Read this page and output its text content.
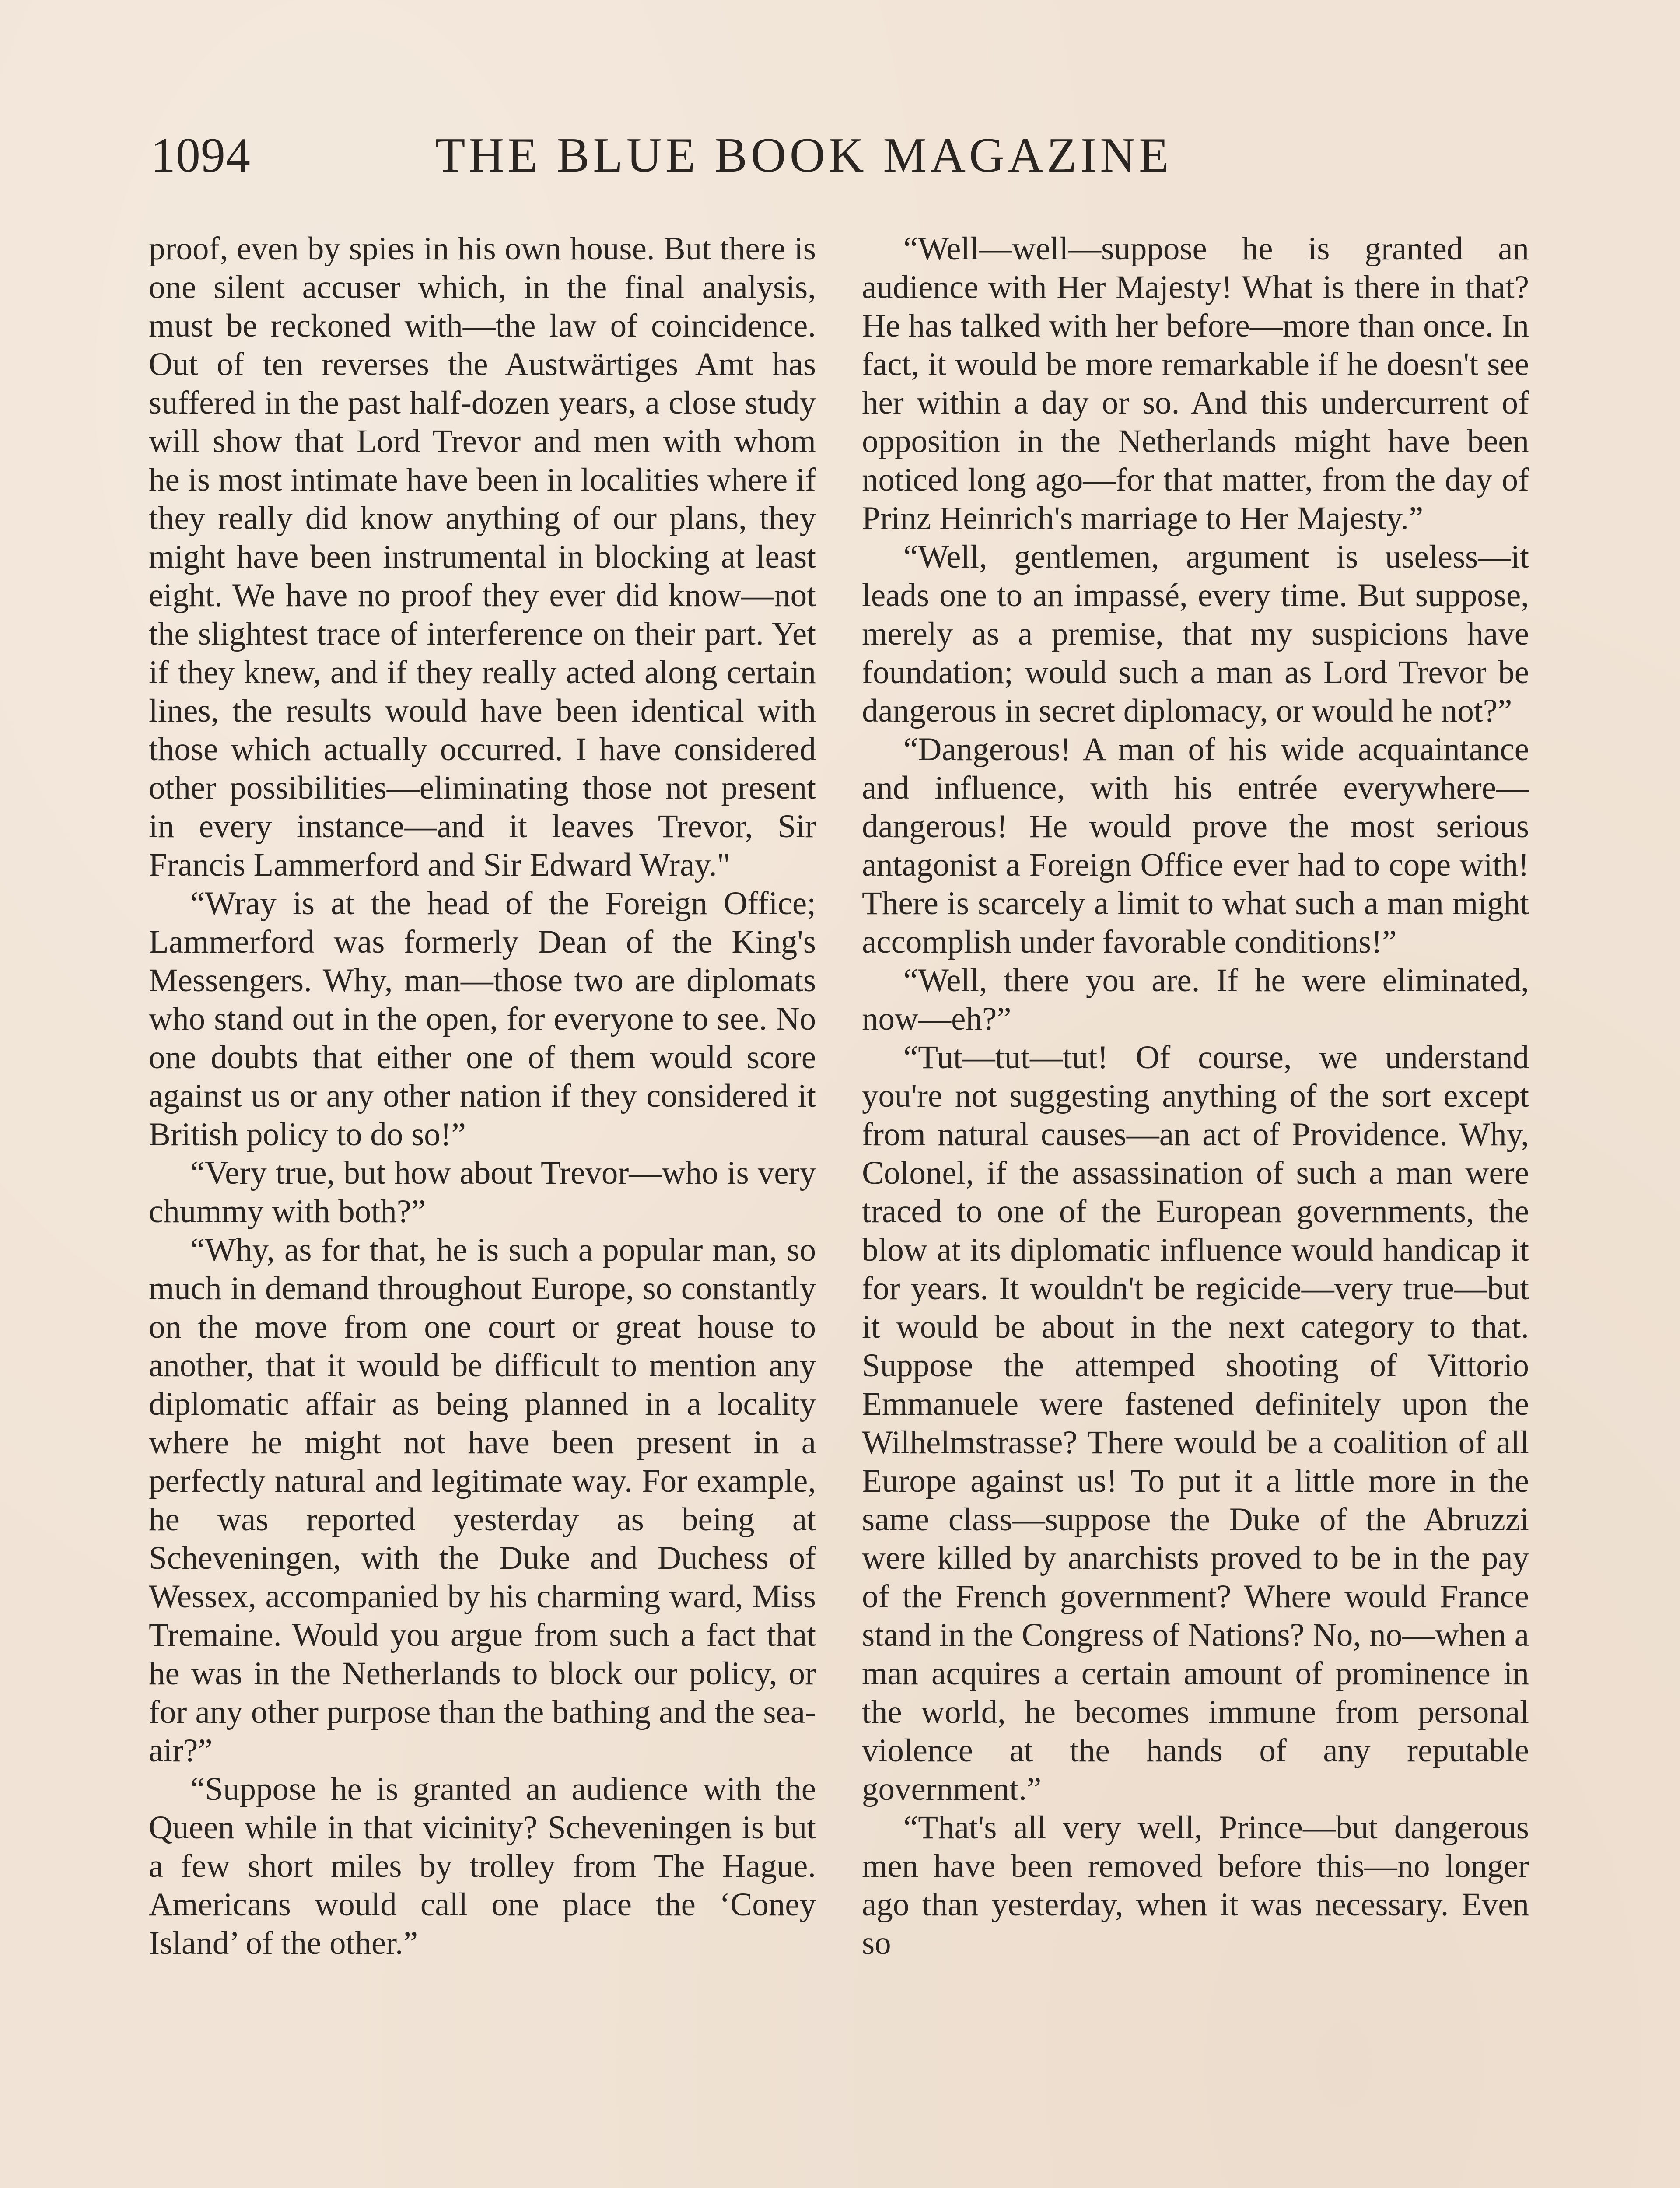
1094	THE BLUE BOOK MAGAZINE

proof, even by spies in his own house. But there is one silent accuser which, in the final analysis, must be reckoned with—the law of coincidence. Out of ten reverses the Austwärtiges Amt has suffered in the past half-dozen years, a close study will show that Lord Trevor and men with whom he is most intimate have been in localities where if they really did know anything of our plans, they might have been instrumental in blocking at least eight. We have no proof they ever did know—not the slightest trace of interference on their part. Yet if they knew, and if they really acted along certain lines, the results would have been identical with those which actually occurred. I have considered other possibilities—eliminating those not present in every instance—and it leaves Trevor, Sir Francis Lammerford and Sir Edward Wray."

“Wray is at the head of the Foreign Office; Lammerford was formerly Dean of the King's Messengers. Why, man—those two are diplomats who stand out in the open, for everyone to see. No one doubts that either one of them would score against us or any other nation if they considered it British policy to do so!”

“Very true, but how about Trevor—who is very chummy with both?”

“Why, as for that, he is such a popular man, so much in demand throughout Europe, so constantly on the move from one court or great house to another, that it would be difficult to mention any diplomatic affair as being planned in a locality where he might not have been present in a perfectly natural and legitimate way. For example, he was reported yesterday as being at Scheveningen, with the Duke and Duchess of Wessex, accompanied by his charming ward, Miss Tremaine. Would you argue from such a fact that he was in the Netherlands to block our policy, or for any other purpose than the bathing and the sea-air?”

“Suppose he is granted an audience with the Queen while in that vicinity? Scheveningen is but a few short miles by trolley from The Hague. Americans would call one place the ‘Coney Island’ of the other.”

“Well—well—suppose he is granted an audience with Her Majesty! What is there in that? He has talked with her before—more than once. In fact, it would be more remarkable if he doesn't see her within a day or so. And this undercurrent of opposition in the Netherlands might have been noticed long ago—for that matter, from the day of Prinz Heinrich's marriage to Her Majesty.”

“Well, gentlemen, argument is useless—it leads one to an impassé, every time. But suppose, merely as a premise, that my suspicions have foundation; would such a man as Lord Trevor be dangerous in secret diplomacy, or would he not?”

“Dangerous! A man of his wide acquaintance and influence, with his entrée everywhere—dangerous! He would prove the most serious antagonist a Foreign Office ever had to cope with! There is scarcely a limit to what such a man might accomplish under favorable conditions!”

“Well, there you are. If he were eliminated, now—eh?”

“Tut—tut—tut! Of course, we understand you're not suggesting anything of the sort except from natural causes—an act of Providence. Why, Colonel, if the assassination of such a man were traced to one of the European governments, the blow at its diplomatic influence would handicap it for years. It wouldn't be regicide—very true—but it would be about in the next category to that. Suppose the attemped shooting of Vittorio Emmanuele were fastened definitely upon the Wilhelmstrasse? There would be a coalition of all Europe against us! To put it a little more in the same class—suppose the Duke of the Abruzzi were killed by anarchists proved to be in the pay of the French government? Where would France stand in the Congress of Nations? No, no—when a man acquires a certain amount of prominence in the world, he becomes immune from personal violence at the hands of any reputable government.”

“That's all very well, Prince—but dangerous men have been removed before this—no longer ago than yesterday, when it was necessary. Even so
